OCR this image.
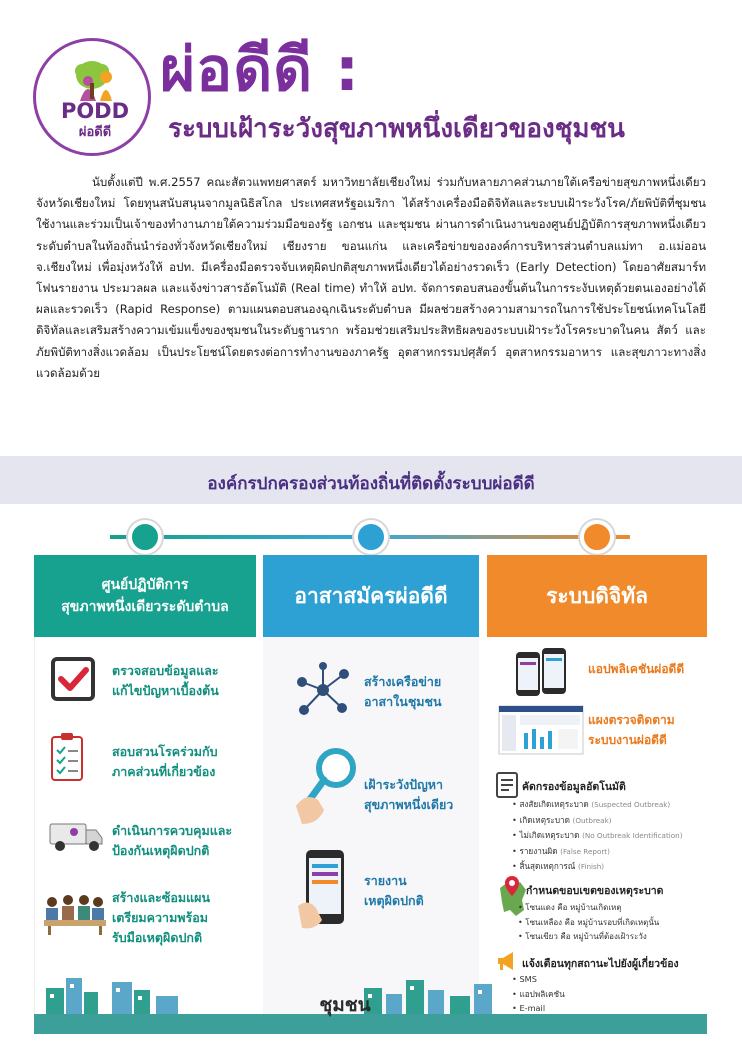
PODD
ผ่อดีดี
ผ่อดีดี :
ระบบเฝ้าระวังสุขภาพหนึ่งเดียวของชุมชน

นับตั้งแต่ปี พ.ศ.2557 คณะสัตวแพทยศาสตร์ มหาวิทยาลัยเชียงใหม่ ร่วมกับหลายภาคส่วนภายใต้เครือข่ายสุขภาพหนึ่งเดียวจังหวัดเชียงใหม่ โดยทุนสนับสนุนจากมูลนิธิสโกล ประเทศสหรัฐอเมริกา ได้สร้างเครื่องมือดิจิทัลและระบบเฝ้าระวังโรค/ภัยพิบัติที่ชุมชนใช้งานและร่วมเป็นเจ้าของทำงานภายใต้ความร่วมมือของรัฐ เอกชน และชุมชน ผ่านการดำเนินงานของศูนย์ปฏิบัติการสุขภาพหนึ่งเดียวระดับตำบลในท้องถิ่นนำร่องทั่วจังหวัดเชียงใหม่ เชียงราย ขอนแก่น และเครือข่ายขององค์การบริหารส่วนตำบลแม่ทา อ.แม่ออน จ.เชียงใหม่ เพื่อมุ่งหวังให้ อปท. มีเครื่องมือตรวจจับเหตุผิดปกติสุขภาพหนึ่งเดียวได้อย่างรวดเร็ว (Early Detection) โดยอาศัยสมาร์ทโฟนรายงาน ประมวลผล และแจ้งข่าวสารอัตโนมัติ (Real time) ทำให้ อปท. จัดการตอบสนองขั้นต้นในการระงับเหตุด้วยตนเองอย่างได้ผลและรวดเร็ว (Rapid Response) ตามแผนตอบสนองฉุกเฉินระดับตำบล มีผลช่วยสร้างความสามารถในการใช้ประโยชน์เทคโนโลยีดิจิทัลและเสริมสร้างความเข้มแข็งของชุมชนในระดับฐานราก พร้อมช่วยเสริมประสิทธิผลของระบบเฝ้าระวังโรคระบาดในคน สัตว์ และภัยพิบัติทางสิ่งแวดล้อม เป็นประโยชน์โดยตรงต่อการทำงานของภาครัฐ อุตสาหกรรมปศุสัตว์ อุตสาหกรรมอาหาร และสุขภาวะทางสิ่งแวดล้อมด้วย

องค์กรปกครองส่วนท้องถิ่นที่ติดตั้งระบบผ่อดีดี
ศูนย์ปฏิบัติการ
สุขภาพหนึ่งเดียวระดับตำบล	อาสาสมัครผ่อดีดี	ระบบดิจิทัล
ตรวจสอบข้อมูลและ
แก้ไขปัญหาเบื้องต้น
สอบสวนโรคร่วมกับ
ภาคส่วนที่เกี่ยวข้อง
ดำเนินการควบคุมและ
ป้องกันเหตุผิดปกติ
สร้างและซ้อมแผน
เตรียมความพร้อม
รับมือเหตุผิดปกติ
สร้างเครือข่าย
อาสาในชุมชน
เฝ้าระวังปัญหา
สุขภาพหนึ่งเดียว
รายงาน
เหตุผิดปกติ
แอปพลิเคชันผ่อดีดี
แผงตรวจติดตาม
ระบบงานผ่อดีดี
คัดกรองข้อมูลอัตโนมัติ
• สงสัยเกิดเหตุระบาด (Suspected Outbreak)
• เกิดเหตุระบาด (Outbreak)
• ไม่เกิดเหตุระบาด (No Outbreak Identification)
• รายงานผิด (False Report)
• สิ้นสุดเหตุการณ์ (Finish)
กำหนดขอบเขตของเหตุระบาด
• โซนแดง คือ หมู่บ้านเกิดเหตุ
• โซนเหลือง คือ หมู่บ้านรอบที่เกิดเหตุนั้น
• โซนเขียว คือ หมู่บ้านที่ต้องเฝ้าระวัง
แจ้งเตือนทุกสถานะไปยังผู้เกี่ยวข้อง
• SMS
• แอปพลิเคชัน
• E-mail
ชุมชน
